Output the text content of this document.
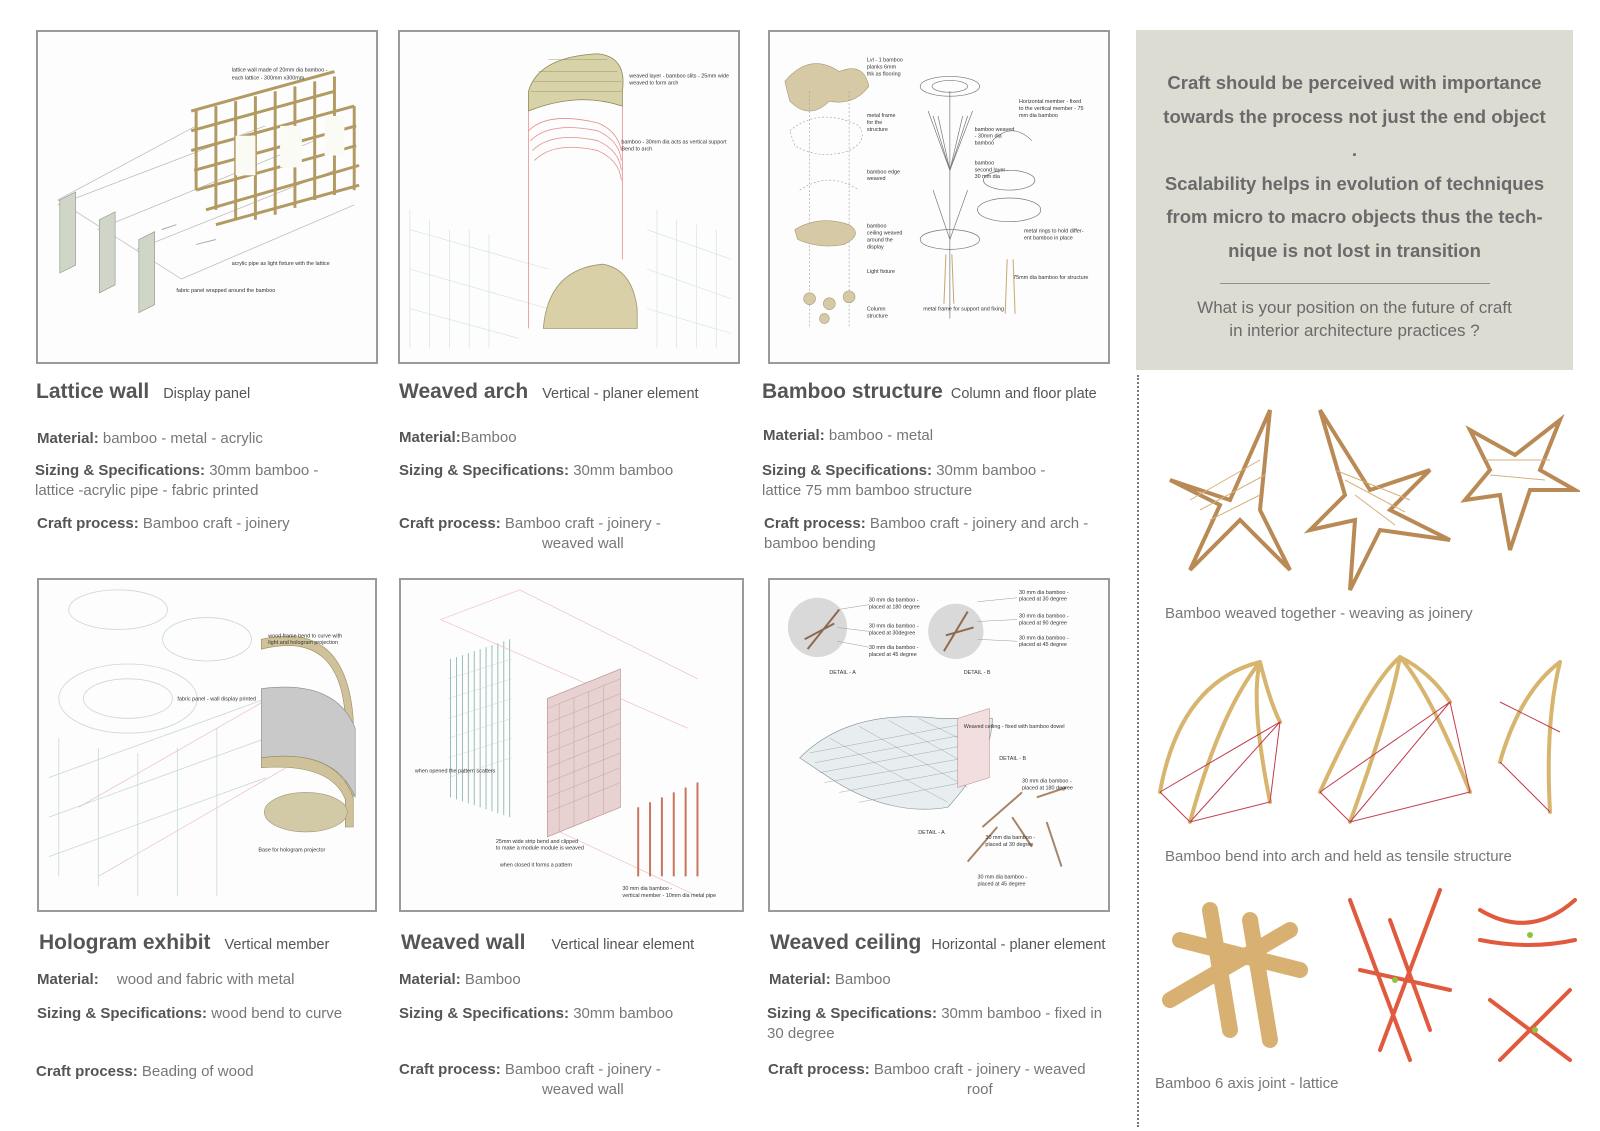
lattice wall made of 20mm dia bamboo -
each lattice - 300mm x300mm
acrylic pipe as light fixture with the lattice
fabric panel wrapped around the bamboo
Lattice wall Display panel
Material: bamboo - metal - acrylic
Sizing & Specifications: 30mm bamboo -
lattice -acrylic pipe - fabric printed
Craft process: Bamboo craft - joinery
weaved layer - bamboo slits - 25mm wide
weaved to form arch
bamboo - 30mm dia acts as vertical support
Bend to arch
Weaved arch Vertical - planer element
Material:Bamboo
Sizing & Specifications: 30mm bamboo
Craft process: Bamboo craft - joinery -
weaved wall
Lvl - 1 bamboo
planks 6mm
thk as flooring
metal frame
for the
structure
bamboo edge
weaved
bamboo
ceiling weaved
around the
display
Light fixture
Column
structure
metal frame for support and fixing
bamboo weaved
- 30mm dia
bamboo
bamboo
second layer -
30 mm dia
Horizontal member - fixed
to the vertical member - 75
mm dia bamboo
metal rings to hold differ-
ent bamboo in place
75mm dia bamboo for structure
Bamboo structure Column and floor plate
Material: bamboo - metal
Sizing & Specifications: 30mm bamboo -
lattice 75 mm bamboo structure
Craft process: Bamboo craft - joinery and arch -
bamboo bending
wood frame bend to curve with
light and hologram projection
fabric panel - wall display printed
Base for hologram projector
Hologram exhibit Vertical member
Material: wood and fabric with metal
Sizing & Specifications: wood bend to curve
Craft process: Beading of wood
when opened the pattern scatters
25mm wide strip bend and clipped
to make a module module is weaved
when closed it forms a pattern
30 mm dia bamboo -
vertical member - 10mm dia metal pipe
Weaved wall Vertical linear element
Material: Bamboo
Sizing & Specifications: 30mm bamboo
Craft process: Bamboo craft - joinery -
weaved wall
30 mm dia bamboo -
placed at 180 degree
30 mm dia bamboo -
placed at 30degree
30 mm dia bamboo -
placed at 45 degree
DETAIL - A
30 mm dia bamboo -
placed at 30 degree
30 mm dia bamboo -
placed at 90 degree
30 mm dia bamboo -
placed at 45 degree
DETAIL - B
Weaved ceiling - fixed with bamboo dowel
DETAIL - B
30 mm dia bamboo -
placed at 180 degree
DETAIL - A
30 mm dia bamboo -
placed at 30 degree
30 mm dia bamboo -
placed at 45 degree
Weaved ceiling Horizontal - planer element
Material: Bamboo
Sizing & Specifications: 30mm bamboo - fixed in
30 degree
Craft process: Bamboo craft - joinery - weaved
roof
Craft should be perceived with importance
towards the process not just the end object
.
Scalability helps in evolution of techniques
from micro to macro objects thus the tech-
nique is not lost in transition
What is your position on the future of craft
in interior architecture practices ?
Bamboo weaved together - weaving as joinery
Bamboo bend into arch and held as tensile structure
Bamboo 6 axis joint - lattice
